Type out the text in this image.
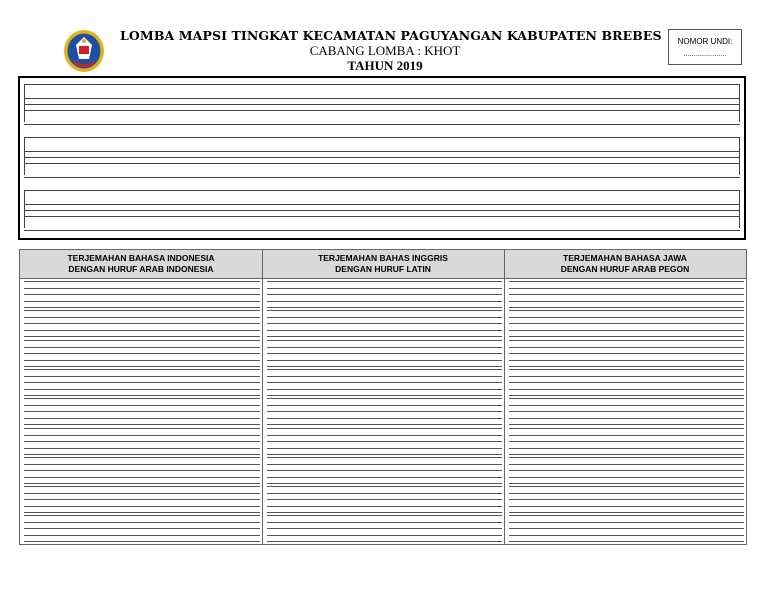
LOMBA MAPSI TINGKAT KECAMATAN PAGUYANGAN KABUPATEN BREBES
CABANG LOMBA : KHOT
TAHUN 2019
NOMOR UNDI:
......................
TERJEMAHAN BAHASA INDONESIA
DENGAN HURUF ARAB INDONESIA
TERJEMAHAN BAHAS INGGRIS
DENGAN HURUF LATIN
TERJEMAHAN BAHASA JAWA
DENGAN HURUF ARAB PEGON
